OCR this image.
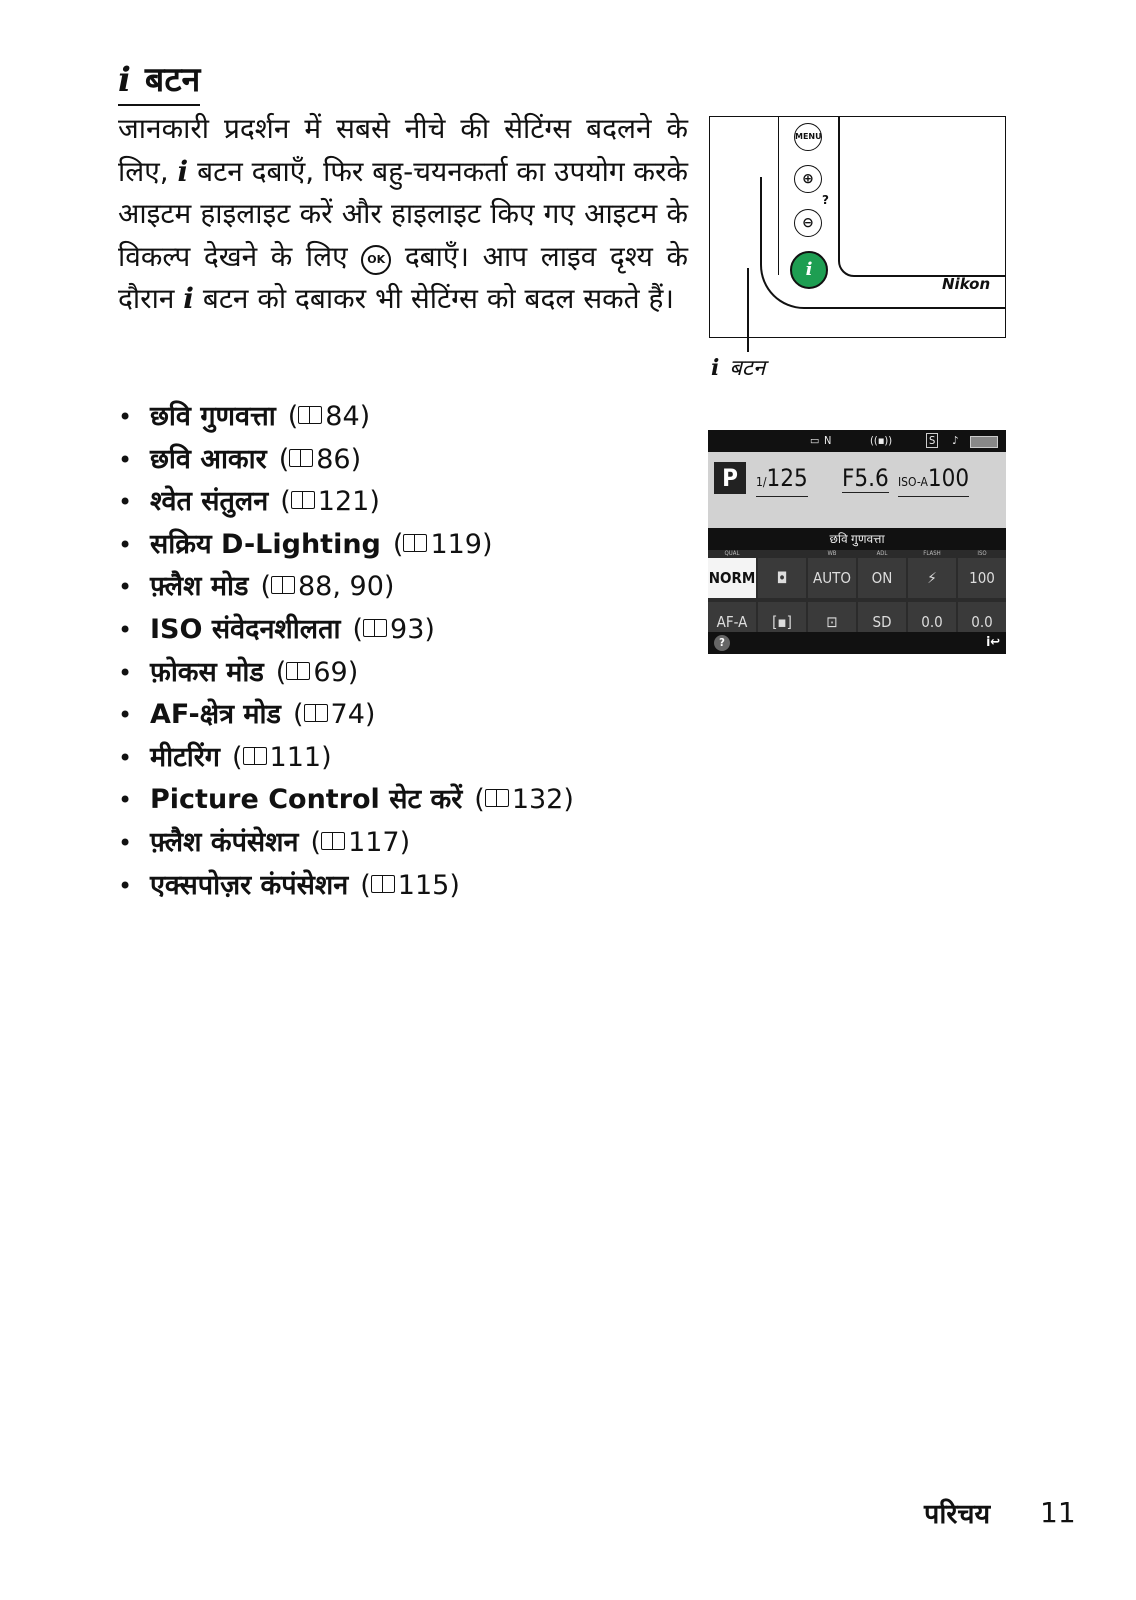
i बटन
जानकारी प्रदर्शन में सबसे नीचे की सेटिंग्स बदलने के लिए, i बटन दबाएँ, फिर बहु-चयनकर्ता का उपयोग करके आइटम हाइलाइट करें और हाइलाइट किए गए आइटम के विकल्प देखने के लिए OK दबाएँ। आप लाइव दृश्य के दौरान i बटन को दबाकर भी सेटिंग्स को बदल सकते हैं।
• छवि गुणवत्ता ( 84)
• छवि आकार ( 86)
• श्वेत संतुलन ( 121)
• सक्रिय D-Lighting ( 119)
• फ़्लैश मोड ( 88, 90)
• ISO संवेदनशीलता ( 93)
• फ़ोकस मोड ( 69)
• AF-क्षेत्र मोड ( 74)
• मीटरिंग ( 111)
• Picture Control सेट करें ( 132)
• फ़्लैश कंपंसेशन ( 117)
• एक्सपोज़र कंपंसेशन ( 115)
MENU
⊕
?
⊖
i
Nikon
i बटन
▭ N	((▪))	S ♪
P	1/125 F5.6 ISO-A100
छवि गुणवत्ता
QUAL	WB	ADL	FLASH	ISO
NORM	◘	AUTO	ON	⚡	100
AF-A	[▪]	⊡	SD	0.0	0.0
?	i↩
परिचय 11
